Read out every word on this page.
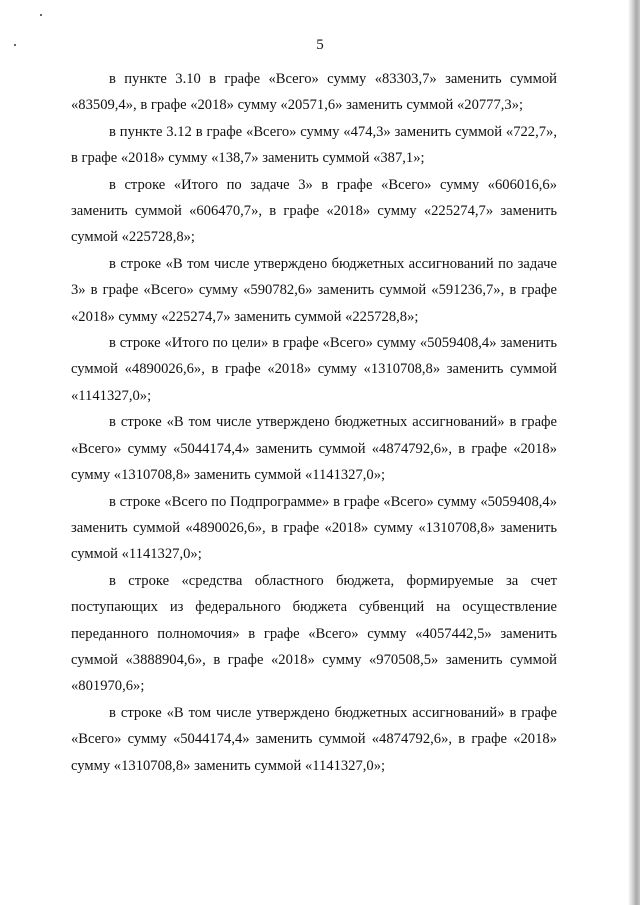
5

в пункте 3.10 в графе «Всего» сумму «83303,7» заменить суммой «83509,4», в графе «2018» сумму «20571,6» заменить суммой «20777,3»;

в пункте 3.12 в графе «Всего» сумму «474,3» заменить суммой «722,7», в графе «2018» сумму «138,7» заменить суммой «387,1»;

в строке «Итого по задаче 3» в графе «Всего» сумму «606016,6» заменить суммой «606470,7», в графе «2018» сумму «225274,7» заменить суммой «225728,8»;

в строке «В том числе утверждено бюджетных ассигнований по задаче 3» в графе «Всего» сумму «590782,6» заменить суммой «591236,7», в графе «2018» сумму «225274,7» заменить суммой «225728,8»;

в строке «Итого по цели» в графе «Всего» сумму «5059408,4» заменить суммой «4890026,6», в графе «2018» сумму «1310708,8» заменить суммой «1141327,0»;

в строке «В том числе утверждено бюджетных ассигнований» в графе «Всего» сумму «5044174,4» заменить суммой «4874792,6», в графе «2018» сумму «1310708,8» заменить суммой «1141327,0»;

в строке «Всего по Подпрограмме» в графе «Всего» сумму «5059408,4» заменить суммой «4890026,6», в графе «2018» сумму «1310708,8» заменить суммой «1141327,0»;

в строке «средства областного бюджета, формируемые за счет поступающих из федерального бюджета субвенций на осуществление переданного полномочия» в графе «Всего» сумму «4057442,5» заменить суммой «3888904,6», в графе «2018» сумму «970508,5» заменить суммой «801970,6»;

в строке «В том числе утверждено бюджетных ассигнований» в графе «Всего» сумму «5044174,4» заменить суммой «4874792,6», в графе «2018» сумму «1310708,8» заменить суммой «1141327,0»;
